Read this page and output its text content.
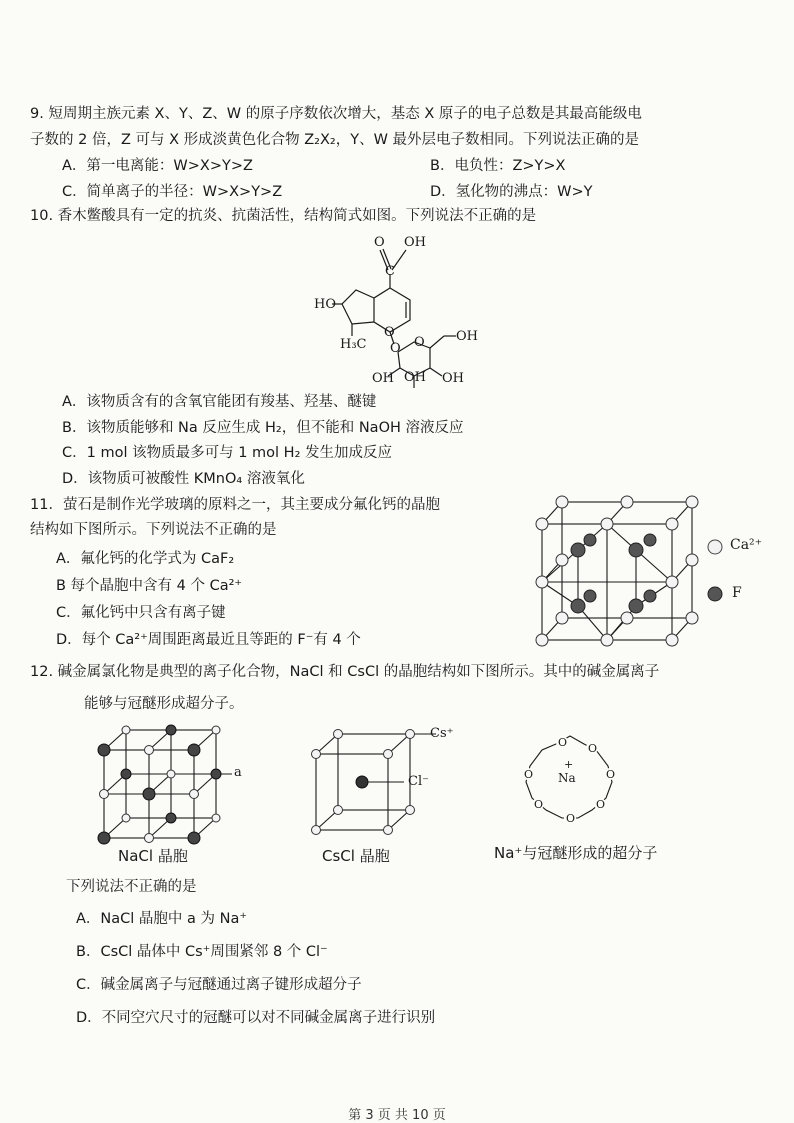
9. 短周期主族元素 X、Y、Z、W 的原子序数依次增大，基态 X 原子的电子总数是其最高能级电
子数的 2 倍，Z 可与 X 形成淡黄色化合物 Z₂X₂，Y、W 最外层电子数相同。下列说法正确的是
A．第一电离能：W>X>Y>Z	B．电负性：Z>Y>X
C．简单离子的半径：W>X>Y>Z	D．氢化物的沸点：W>Y
10. 香木鳖酸具有一定的抗炎、抗菌活性，结构简式如图。下列说法不正确的是
O OH
C
HO
O
H₃C O O OH
OH
OH OH
A．该物质含有的含氧官能团有羧基、羟基、醚键
B．该物质能够和 Na 反应生成 H₂，但不能和 NaOH 溶液反应
C．1 mol 该物质最多可与 1 mol H₂ 发生加成反应
D．该物质可被酸性 KMnO₄ 溶液氧化
11．萤石是制作光学玻璃的原料之一，其主要成分氟化钙的晶胞
结构如下图所示。下列说法不正确的是
A．氟化钙的化学式为 CaF₂
B 每个晶胞中含有 4 个 Ca²⁺
C．氟化钙中只含有离子键
D．每个 Ca²⁺周围距离最近且等距的 F⁻有 4 个
Ca²⁺
F
12. 碱金属氯化物是典型的离子化合物，NaCl 和 CsCl 的晶胞结构如下图所示。其中的碱金属离子
能够与冠醚形成超分子。
a
NaCl 晶胞
Cs⁺
Cl⁻
CsCl 晶胞
O O
O
O
O
O
O Na
+
Na⁺与冠醚形成的超分子
下列说法不正确的是
A．NaCl 晶胞中 a 为 Na⁺
B．CsCl 晶体中 Cs⁺周围紧邻 8 个 Cl⁻
C．碱金属离子与冠醚通过离子键形成超分子
D．不同空穴尺寸的冠醚可以对不同碱金属离子进行识别
第 3 页 共 10 页
